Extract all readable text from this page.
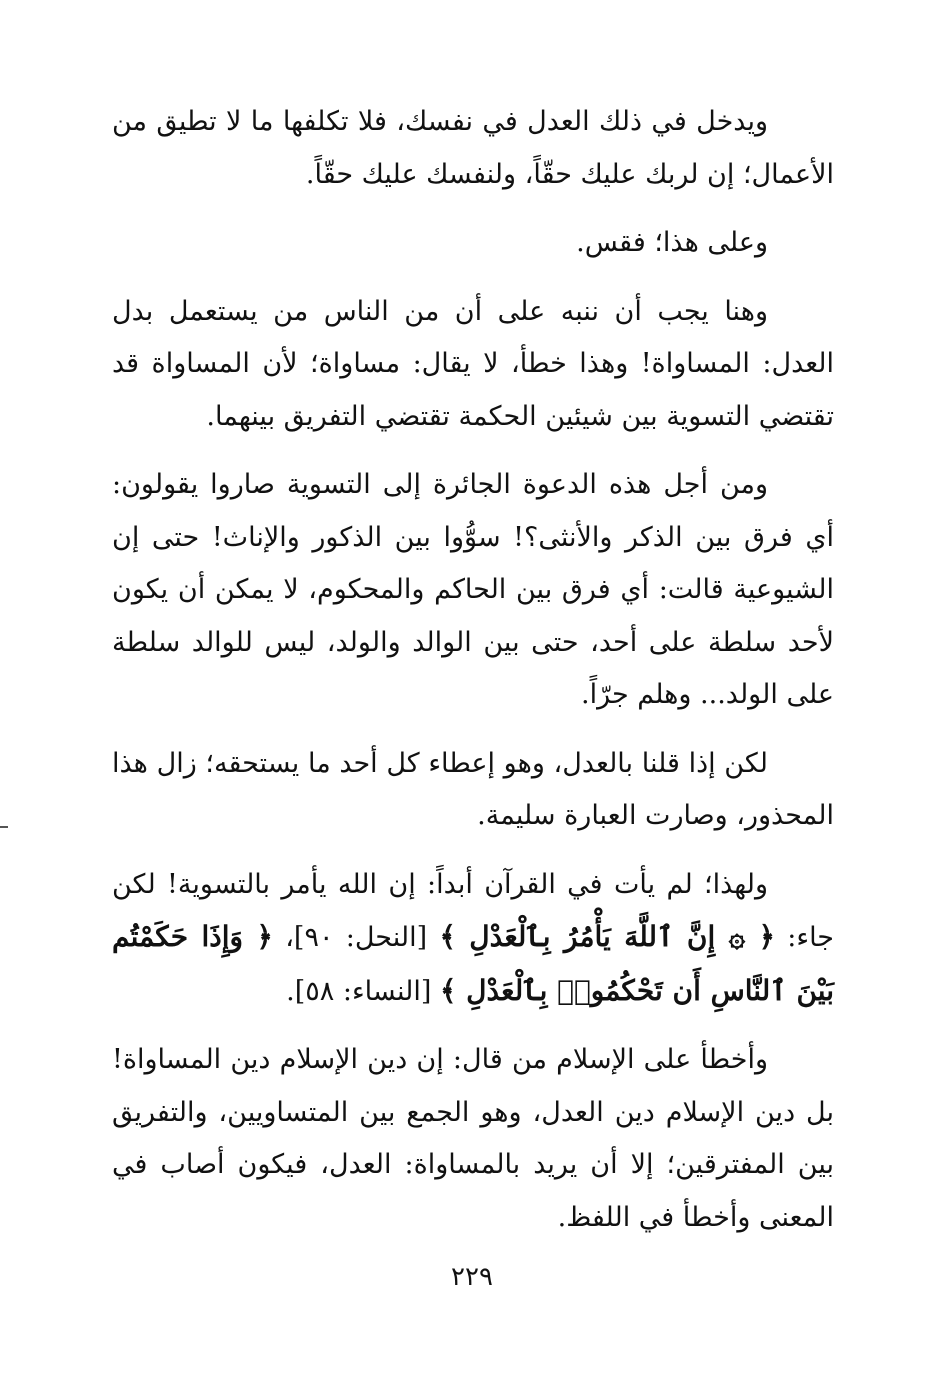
ويدخل في ذلك العدل في نفسك، فلا تكلفها ما لا تطيق من الأعمال؛ إن لربك عليك حقّاً، ولنفسك عليك حقّاً.

وعلى هذا؛ فقس.

وهنا يجب أن ننبه على أن من الناس من يستعمل بدل العدل: المساواة! وهذا خطأ، لا يقال: مساواة؛ لأن المساواة قد تقتضي التسوية بين شيئين الحكمة تقتضي التفريق بينهما.

ومن أجل هذه الدعوة الجائرة إلى التسوية صاروا يقولون: أي فرق بين الذكر والأنثى؟! سوُّوا بين الذكور والإناث! حتى إن الشيوعية قالت: أي فرق بين الحاكم والمحكوم، لا يمكن أن يكون لأحد سلطة على أحد، حتى بين الوالد والولد، ليس للوالد سلطة على الولد... وهلم جرّاً.

لكن إذا قلنا بالعدل، وهو إعطاء كل أحد ما يستحقه؛ زال هذا المحذور، وصارت العبارة سليمة.

ولهذا؛ لم يأت في القرآن أبداً: إن الله يأمر بالتسوية! لكن جاء: ﴿ ۞ إِنَّ ٱللَّهَ يَأْمُرُ بِٱلْعَدْلِ ﴾ [النحل: ٩٠]، ﴿ وَإِذَا حَكَمْتُم بَيْنَ ٱلنَّاسِ أَن تَحْكُمُوا۟ بِٱلْعَدْلِ ﴾ [النساء: ٥٨].

وأخطأ على الإسلام من قال: إن دين الإسلام دين المساواة! بل دين الإسلام دين العدل، وهو الجمع بين المتساويين، والتفريق بين المفترقين؛ إلا أن يريد بالمساواة: العدل، فيكون أصاب في المعنى وأخطأ في اللفظ.

٢٢٩
